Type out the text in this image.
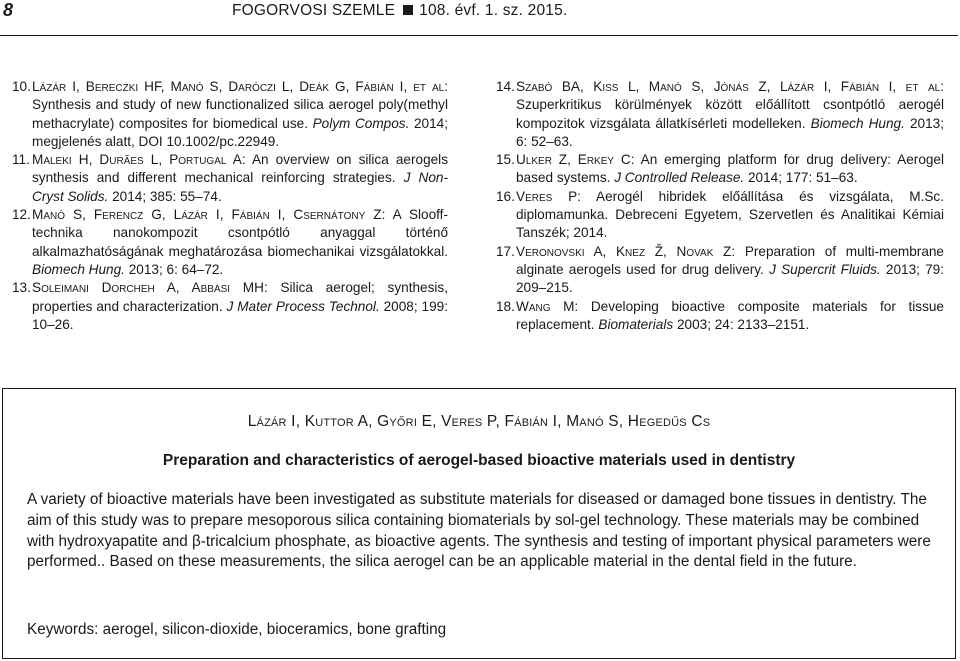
8	FOGORVOSI SZEMLE 108. évf. 1. sz. 2015.

10. Lázár I, Bereczki HF, Manó S, Daróczi L, Deák G, Fábián I, et al: Synthesis and study of new functionalized silica aerogel poly(methyl methacrylate) composites for biomedical use. Polym Compos. 2014; megjelenés alatt, DOI 10.1002/pc.22949.

11. Maleki H, Durães L, Portugal A: An overview on silica aerogels synthesis and different mechanical reinforcing strategies. J Non-Cryst Solids. 2014; 385: 55–74.

12. Manó S, Ferencz G, Lázár I, Fábián I, Csernátony Z: A Slooff-technika nanokompozit csontpótló anyaggal történő alkalmazhatóságának meghatározása biomechanikai vizsgálatokkal. Biomech Hung. 2013; 6: 64–72.

13. Soleimani Dorcheh A, Abbasi MH: Silica aerogel; synthesis, properties and characterization. J Mater Process Technol. 2008; 199: 10–26.

14. Szabó BA, Kiss L, Manó S, Jónás Z, Lázár I, Fábián I, et al: Szuperkritikus körülmények között előállított csontpótló aerogél kompozitok vizsgálata állatkísérleti modelleken. Biomech Hung. 2013; 6: 52–63.

15. Ulker Z, Erkey C: An emerging platform for drug delivery: Aerogel based systems. J Controlled Release. 2014; 177: 51–63.

16. Veres P: Aerogél hibridek előállítása és vizsgálata, M.Sc. diplomamunka. Debreceni Egyetem, Szervetlen és Analitikai Kémiai Tanszék; 2014.

17. Veronovski A, Knez Ž, Novak Z: Preparation of multi-membrane alginate aerogels used for drug delivery. J Supercrit Fluids. 2013; 79: 209–215.

18. Wang M: Developing bioactive composite materials for tissue replacement. Biomaterials 2003; 24: 2133–2151.

Lázár I, Kuttor A, Győri E, Veres P, Fábián I, Manó S, Hegedűs Cs
Preparation and characteristics of aerogel-based bioactive materials used in dentistry

A variety of bioactive materials have been investigated as substitute materials for diseased or damaged bone tissues in dentistry. The aim of this study was to prepare mesoporous silica containing biomaterials by sol-gel technology. These materials may be combined with hydroxyapatite and β-tricalcium phosphate, as bioactive agents. The synthesis and testing of important physical parameters were performed.. Based on these measurements, the silica aerogel can be an applicable material in the dental field in the future.

Keywords: aerogel, silicon-dioxide, bioceramics, bone grafting
